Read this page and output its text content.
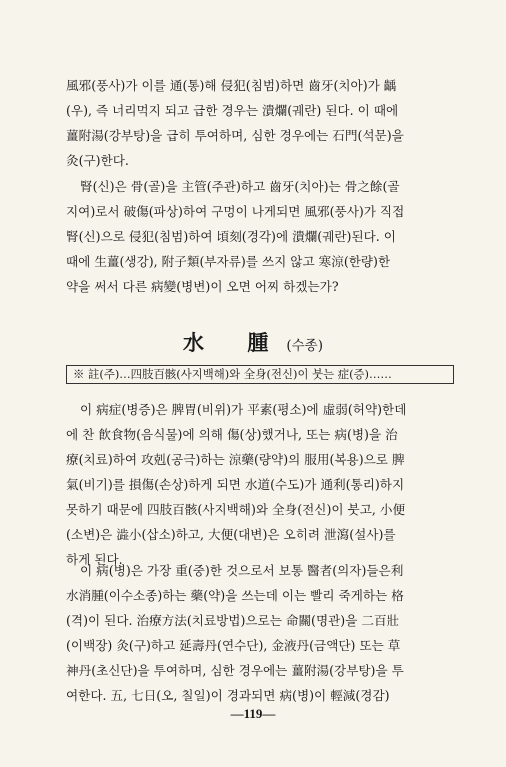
風邪(풍사)가 이를 通(통)해 侵犯(침범)하면 齒牙(치아)가 齲
(우), 즉 너리먹지 되고 급한 경우는 潰爛(궤란) 된다. 이 때에
薑附湯(강부탕)을 급히 투여하며, 심한 경우에는 石門(석문)을
灸(구)한다.
腎(신)은 骨(골)을 主管(주관)하고 齒牙(치아)는 骨之餘(골
지여)로서 破傷(파상)하여 구멍이 나게되면 風邪(풍사)가 직접
腎(신)으로 侵犯(침범)하여 頃刻(경각)에 潰爛(궤란)된다. 이
때에 生薑(생강), 附子類(부자류)를 쓰지 않고 寒涼(한량)한
약을 써서 다른 病變(병변)이 오면 어찌 하겠는가?
水 腫(수종)
※ 註(주)…四肢百骸(사지백해)와 全身(전신)이 붓는 症(증)……
이 病症(병증)은 脾胃(비위)가 平素(평소)에 虛弱(허약)한데
에 찬 飮食物(음식물)에 의해 傷(상)했거나, 또는 病(병)을 治
療(치료)하여 攻剋(공극)하는 涼藥(량약)의 服用(복용)으로 脾
氣(비기)를 損傷(손상)하게 되면 水道(수도)가 通利(통리)하지
못하기 때문에 四肢百骸(사지백해)와 全身(전신)이 붓고, 小便
(소변)은 澁小(삽소)하고, 大便(대변)은 오히려 泄瀉(설사)를
하게 된다.
이 病(병)은 가장 重(중)한 것으로서 보통 醫者(의자)들은利
水消腫(이수소종)하는 藥(약)을 쓰는데 이는 빨리 죽게하는 格
(격)이 된다. 治療方法(치료방법)으로는 命關(명관)을 二百壯
(이백장) 灸(구)하고 延壽丹(연수단), 金液丹(금액단) 또는 草
神丹(초신단)을 투여하며, 심한 경우에는 薑附湯(강부탕)을 투
여한다. 五, 七日(오, 칠일)이 경과되면 病(병)이 輕減(경감)
—119—
